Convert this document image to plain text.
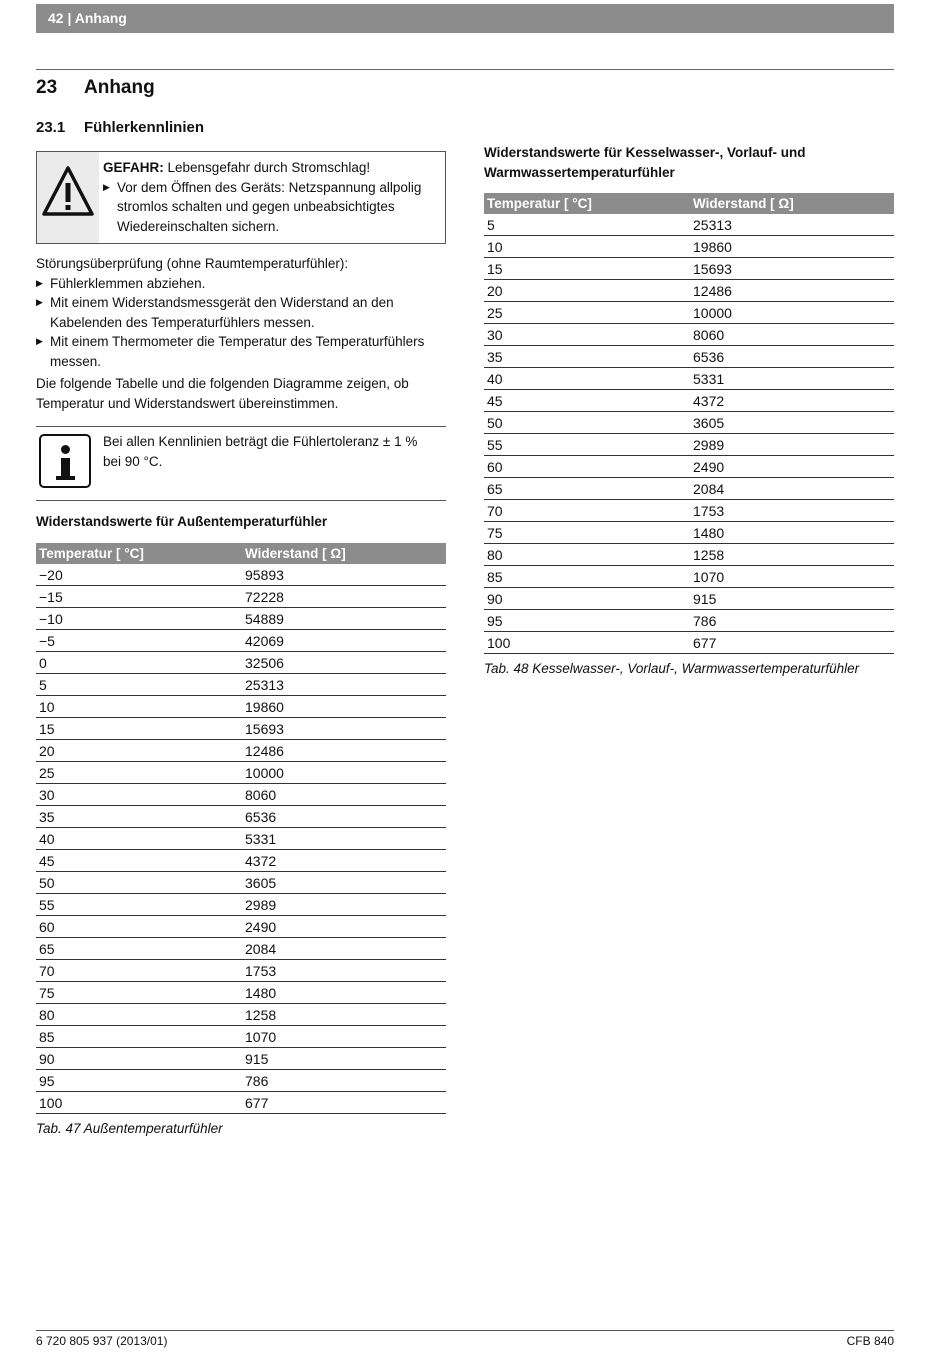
42 | Anhang
23 Anhang
23.1 Fühlerkennlinien
GEFAHR: Lebensgefahr durch Stromschlag!
▶ Vor dem Öffnen des Geräts: Netzspannung allpolig stromlos schalten und gegen unbeabsichtigtes Wiedereinschalten sichern.
Störungsüberprüfung (ohne Raumtemperaturfühler):
▶ Fühlerklemmen abziehen.
▶ Mit einem Widerstandsmessgerät den Widerstand an den Kabelenden des Temperaturfühlers messen.
▶ Mit einem Thermometer die Temperatur des Temperaturfühlers messen.
Die folgende Tabelle und die folgenden Diagramme zeigen, ob Temperatur und Widerstandswert übereinstimmen.
Bei allen Kennlinien beträgt die Fühlertoleranz ± 1 % bei 90 °C.
Widerstandswerte für Außentemperaturfühler
Temperatur [ °C]	Widerstand [ Ω]
−20	95893
−15	72228
−10	54889
−5	42069
0	32506
5	25313
10	19860
15	15693
20	12486
25	10000
30	8060
35	6536
40	5331
45	4372
50	3605
55	2989
60	2490
65	2084
70	1753
75	1480
80	1258
85	1070
90	915
95	786
100	677
Tab. 47 Außentemperaturfühler
Widerstandswerte für Kesselwasser-, Vorlauf- und Warmwassertemperaturfühler
Temperatur [ °C]	Widerstand [ Ω]
5	25313
10	19860
15	15693
20	12486
25	10000
30	8060
35	6536
40	5331
45	4372
50	3605
55	2989
60	2490
65	2084
70	1753
75	1480
80	1258
85	1070
90	915
95	786
100	677
Tab. 48 Kesselwasser-, Vorlauf-, Warmwassertemperaturfühler
6 720 805 937 (2013/01)	CFB 840
